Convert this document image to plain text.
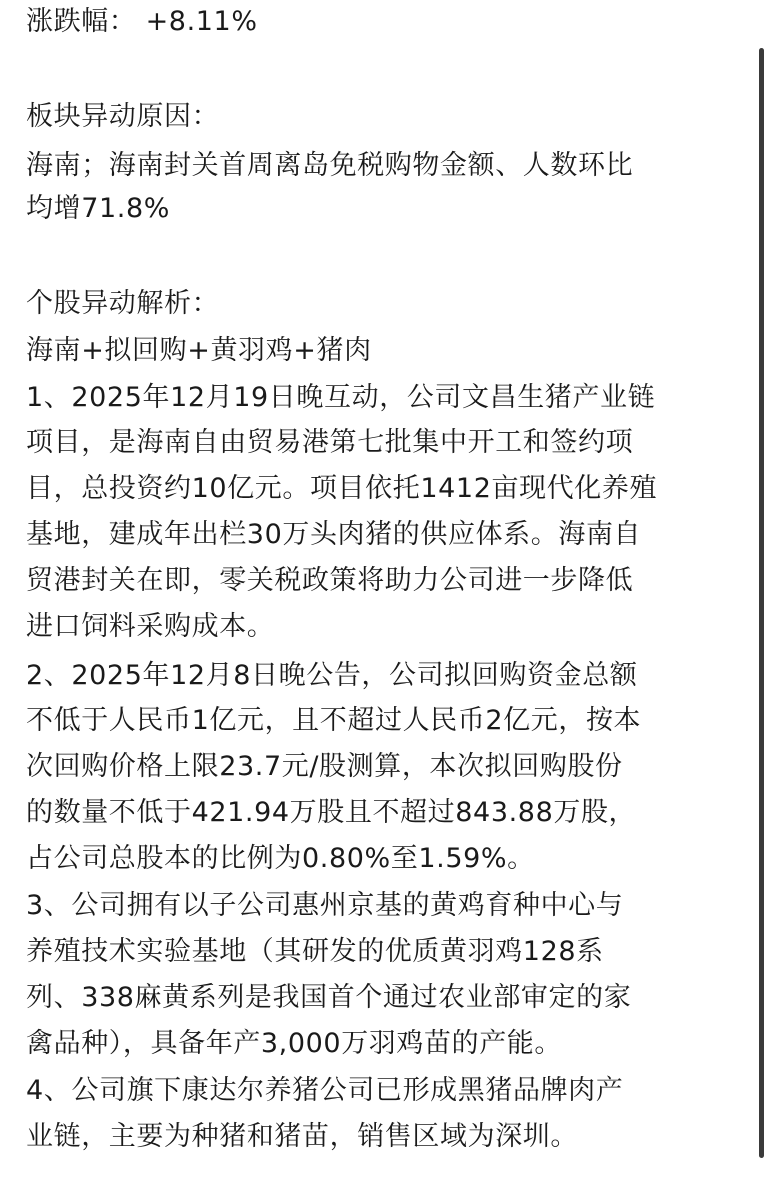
涨跌幅： +8.11%
板块异动原因：
海南；海南封关首周离岛免税购物金额、人数环比
均增71.8%
个股异动解析：
海南+拟回购+黄羽鸡+猪肉
1、2025年12月19日晚互动，公司文昌生猪产业链
项目，是海南自由贸易港第七批集中开工和签约项
目，总投资约10亿元。项目依托1412亩现代化养殖
基地，建成年出栏30万头肉猪的供应体系。海南自
贸港封关在即，零关税政策将助力公司进一步降低
进口饲料采购成本。
2、2025年12月8日晚公告，公司拟回购资金总额
不低于人民币1亿元，且不超过人民币2亿元，按本
次回购价格上限23.7元/股测算，本次拟回购股份
的数量不低于421.94万股且不超过843.88万股，
占公司总股本的比例为0.80%至1.59%。
3、公司拥有以子公司惠州京基的黄鸡育种中心与
养殖技术实验基地（其研发的优质黄羽鸡128系
列、338麻黄系列是我国首个通过农业部审定的家
禽品种），具备年产3,000万羽鸡苗的产能。
4、公司旗下康达尔养猪公司已形成黑猪品牌肉产
业链，主要为种猪和猪苗，销售区域为深圳。
